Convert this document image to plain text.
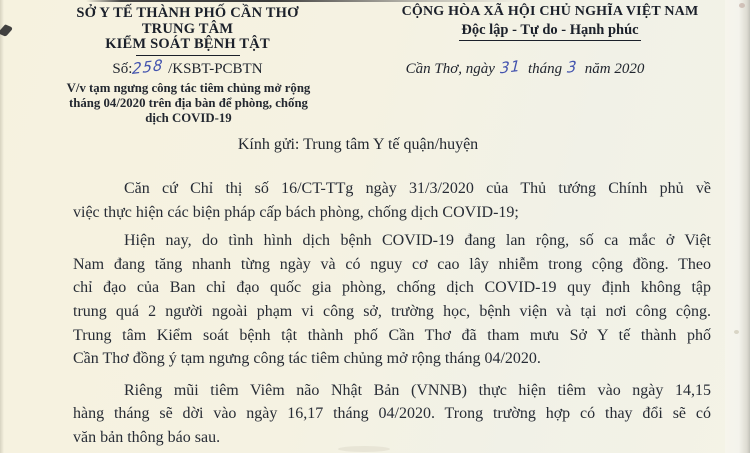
SỞ Y TẾ THÀNH PHỐ CẦN THƠ
TRUNG TÂM
KIỂM SOÁT BỆNH TẬT
CỘNG HÒA XÃ HỘI CHỦ NGHĨA VIỆT NAM
Độc lập - Tự do - Hạnh phúc
Số:258 /KSBT-PCBTN	Cần Thơ, ngày 31 tháng 3 năm 2020
V/v tạm ngưng công tác tiêm chủng mở rộng
tháng 04/2020 trên địa bàn để phòng, chống
dịch COVID-19
Kính gửi: Trung tâm Y tế quận/huyện
Căn cứ Chỉ thị số 16/CT-TTg ngày 31/3/2020 của Thủ tướng Chính phủ về
việc thực hiện các biện pháp cấp bách phòng, chống dịch COVID-19;
Hiện nay, do tình hình dịch bệnh COVID-19 đang lan rộng, số ca mắc ở Việt
Nam đang tăng nhanh từng ngày và có nguy cơ cao lây nhiễm trong cộng đồng. Theo
chỉ đạo của Ban chỉ đạo quốc gia phòng, chống dịch COVID-19 quy định không tập
trung quá 2 người ngoài phạm vi công sở, trường học, bệnh viện và tại nơi công cộng.
Trung tâm Kiểm soát bệnh tật thành phố Cần Thơ đã tham mưu Sở Y tế thành phố
Cần Thơ đồng ý tạm ngưng công tác tiêm chủng mở rộng tháng 04/2020.
Riêng mũi tiêm Viêm não Nhật Bản (VNNB) thực hiện tiêm vào ngày 14,15
hàng tháng sẽ dời vào ngày 16,17 tháng 04/2020. Trong trường hợp có thay đổi sẽ có
văn bản thông báo sau.
